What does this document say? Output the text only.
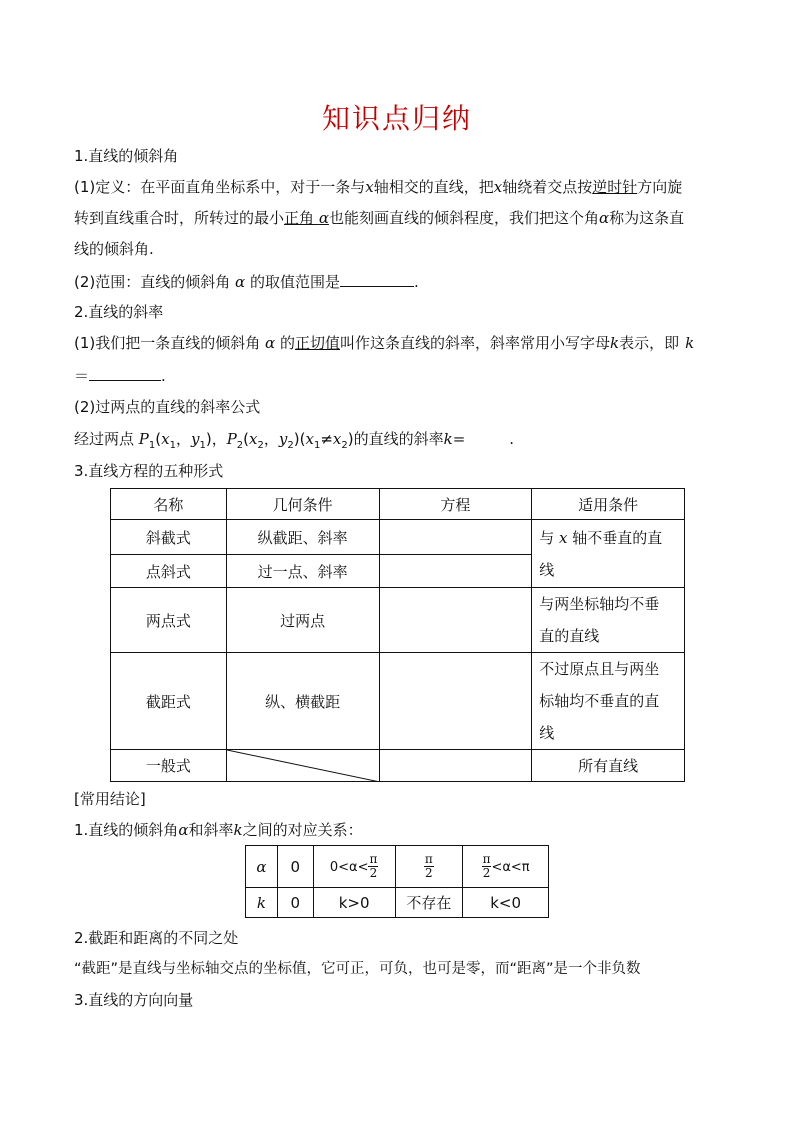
知识点归纳
1.直线的倾斜角
(1)定义：在平面直角坐标系中，对于一条与x轴相交的直线，把x轴绕着交点按逆时针方向旋
转到直线重合时，所转过的最小正角 α也能刻画直线的倾斜程度，我们把这个角α称为这条直
线的倾斜角.
(2)范围：直线的倾斜角 α 的取值范围是	.
2.直线的斜率
(1)我们把一条直线的倾斜角 α 的正切值叫作这条直线的斜率，斜率常用小写字母k表示，即 k
＝	.
(2)过两点的直线的斜率公式
经过两点 $P_1(x_1$，$y_1$)，$P_2(x_2$，$y_2)(x_1\ne x_2)$的直线的斜率k=	.
3.直线方程的五种形式
名称	几何条件	方程	适用条件
斜截式	纵截距、斜率		与 x 轴不垂直的直
线
点斜式	过一点、斜率		
两点式	过两点		与两坐标轴均不垂
直的直线
截距式	纵、横截距		不过原点且与两坐
标轴均不垂直的直
线
一般式			所有直线
[常用结论]
1.直线的倾斜角α和斜率k之间的对应关系：
α	0	$0<\alpha< \frac{\pi}{2}$	$\frac{\pi}{2}$	$\frac{\pi}{2} <\alpha<\pi$
k	0	k>0	不存在	k<0
2.截距和距离的不同之处
“截距”是直线与坐标轴交点的坐标值，它可正，可负，也可是零，而“距离”是一个非负数
3.直线的方向向量
